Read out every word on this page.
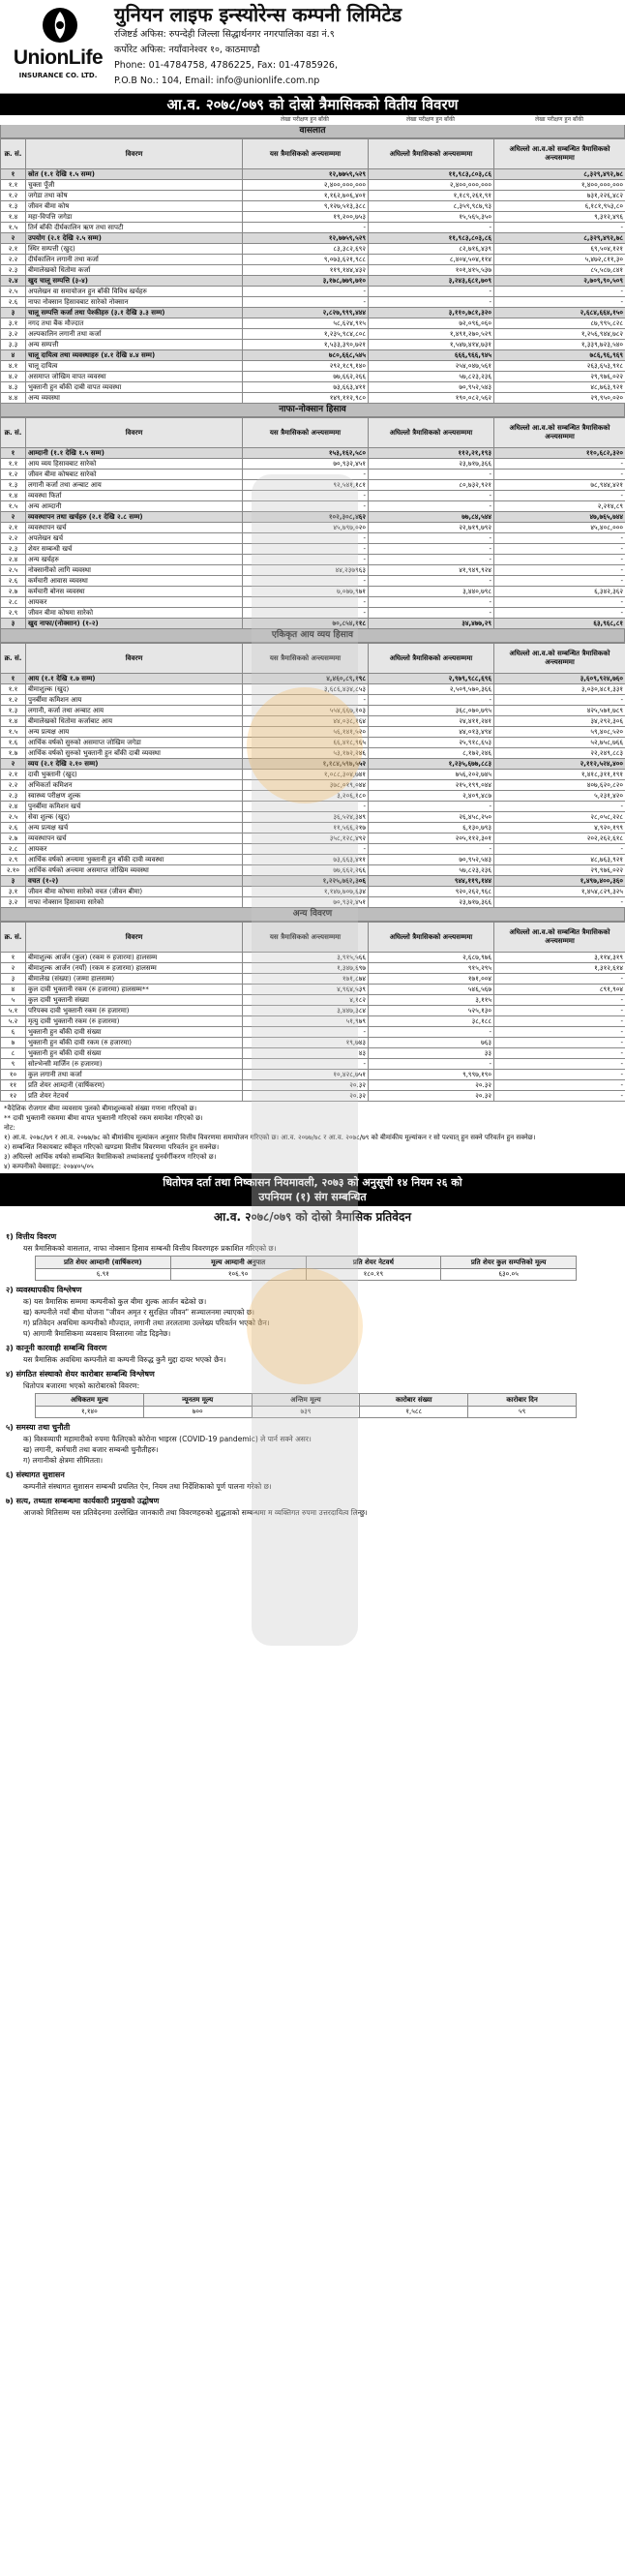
UnionLife
INSURANCE CO. LTD.
युनियन लाइफ इन्स्योरेन्स कम्पनी लिमिटेड
रजिष्टर्ड अफिस: रुपन्देही जिल्ला सिद्धार्थनगर नगरपालिका वडा नं.९
कर्पोरेट अफिस: नयाँवानेश्वर १०, काठमाण्डौ
Phone: 01-4784758, 4786225, Fax: 01-4785926,
P.O.B No.: 104, Email: info@unionlife.com.np
आ.व. २०७८/०७९ को दोस्रो त्रैमासिकको वितीय विवरण
लेखा परीक्षण हुन बाँकी	लेखा परीक्षण हुन बाँकी	लेखा परीक्षण हुन बाँकी
वासलात
क्र. सं.	विवरण	यस त्रैमासिकको अन्त्यसम्ममा	अघिल्लो त्रैमासिकको अन्त्यसम्ममा	अघिल्लो आ.व.को सम्बन्धित त्रैमासिकको अन्त्यसम्ममा
१	स्रोत (१.१ देखि १.५ सम्म)	१२,७७५९,५२९	११,९८३,८०३,८६	८,३२९,४९२,७८
१.१	चुक्ता पूँजी	२,४००,०००,०००	२,४००,०००,०००	१,४००,०००,०००
१.२	जगेडा तथा कोष	१,१६२,७०६,४०१	१,१८९,२६१,९१	७३१,२२६,४८२
१.३	जीवन बीमा कोष	९,१२७,५१३,३८८	८,३५९,९८७,९३	६,१८१,९५३,८०
१.४	महा-विपत्ति जगेडा	१९,२००,७५३	१५,५६५,३५०	९,३१२,४९६
१.५	तिर्न बाँकी दीर्घकालिन ऋण तथा सापटी	-	-	-
२	उपयोग (२.१ देखि २.५ सम्म)	१२,७७५९,५२९	११,९८३,८०३,८६	८,३२९,४९२,७८
२.१	स्थिर सम्पत्ती (खुद)	८३,३८२,६९२	८२,७१६,४३९	६९,५०४,१२१
२.२	दीर्घकालिन लगानी तथा कर्जा	९,०७३,६२१,९८८	८,४०४,५०४,११४	५,४७२,८११,३०
२.३	बीमालेखको धितोमा कर्जा	११९,१४४,४३२	१०१,४१५,५३७	८५,५८७,८४१
२.४	खुद चालू सम्पत्ति (३-४)	३,१७८,७७९,७१०	३,२४३,६८१,७०९	२,७०९,९०,५०९
२.५	अपलेखन वा समायोजन हुन बाँकी विविध खर्चहरु	-	-	-
२.६	नाफा नोक्सान हिसावबाट सारेको नोक्सान	-	-	-
३	चालू सम्पत्ति कर्जा तथा पेश्कीहरु (३.१ देखि ३.३ सम्म)	२,८२७,९९९,४४४	३,११०,७८१,३२०	२,६८४,६६४,१५०
३.१	नगद तथा बैंक मौज्दात	५८,६२४,९१५	७२,०९६,०६०	८७,९९५,८२८
३.२	अल्पकालिन लगानी तथा कर्जा	१,२३५,९८४,८०८	१,४९१,२७०,५२९	१,२५६,९४४,७८२
३.३	अन्य सम्पत्ती	१,५३३,३९०,७२१	१,५४७,४१४,७३१	१,३३९,७२३,५४०
४	चालू दायित्व तथा व्यवस्थाहरु (४.१ देखि ४.४ सम्म)	७८०,६६८,५४५	६६६,९६६,९४५	७८६,९६,९६९
४.१	चालू दायित्व	२९२,१८९,१४०	२५४,०४७,५६१	२६३,६५३,९१८
४.२	असमाप्त जोखिम वापत व्यवस्था	७७,६६२,२६६	५७,८२३,२३६	२९,९७६,०२२
४.३	भुक्तानी हुन बाँकी दाबी वापत व्यवस्था	७३,६६३,४११	७०,९५२,५४३	४८,७६३,९२१
४.४	अन्य व्यवस्था	१४९,११२,९८०	१९०,०८२,५६२	२९,९५०,०२०
नाफा-नोक्सान हिसाव
क्र. सं.	विवरण	यस त्रैमासिकको अन्त्यसम्ममा	अघिल्लो त्रैमासिकको अन्त्यसम्ममा	अघिल्लो आ.व.को सम्बन्धित त्रैमासिकको अन्त्यसम्ममा
१	आम्दानी (१.१ देखि १.५ सम्म)	१५३,१६२,५८०	११२,२१,१९३	११०,६८२,३२०
१.१	आय व्यय हिसावबाट सारेको	७०,९३२,४५१	२३,७१७,३६६	-
१.२	जीवन बीमा कोषबाट सारेको	-	-	-
१.३	लगानी कर्जा तथा अन्बाट आय	९२,५४१,१८१	८०,७३२,९२१	७८,९४४,४२१
१.४	व्यवस्था फिर्ता	-	-	-
१.५	अन्य आम्दानी	-	-	२,२१४,८९
२	व्यवस्थापन तथा खर्चहरु (२.१ देखि २.८ सम्म)	१०२,३०८,४६२	७७,८४,५४४	४७,७६५,७४४
२.१	व्यवस्थापन खर्च	४५,७९७,०२०	२२,७१९,७९२	४५,४०८,०००
२.२	अपलेखन खर्च	-	-	-
२.३	शेयर सम्बन्धी खर्च	-	-	-
२.४	अन्य खर्चहरु	-	-	-
२.५	नोक्सानीको लागि व्यवस्था	४४,२३७९६३	४१,९४९,९२४	-
२.६	कर्मचारी आवास व्यवस्था	-	-	-
२.७	कर्मचारी बोनस व्यवस्था	७,०७७,९७१	३,४४०,७९८	६,३४२,३६२
२.८	आयकर	-	-	-
२.९	जीवन बीमा कोषमा सारेको	-	-	-
३	खुद नाफा/(नोक्सान) (१-२)	७०,८५४,११८	३४,४७७,२९	६३,९६८,८१
एकिकृत आय व्यय हिसाव
क्र. सं.	विवरण	यस त्रैमासिकको अन्त्यसम्ममा	अघिल्लो त्रैमासिकको अन्त्यसम्ममा	अघिल्लो आ.व.को सम्बन्धित त्रैमासिकको अन्त्यसम्ममा
१	आय (१.१ देखि १.७ सम्म)	४,४६०,८९,१९८	२,९७९,९८८,६९६	३,६०९,९२४,७६०
१.१	बीमाशुल्क (खुद)	३,६८६,४३४,८५३	२,५०९,५७०,३६६	३,०३०,४८१,३३१
१.२	पुनर्बीमा कमिशन आय	-	-	-
१.३	लगानी, कर्जा तथा अन्बाट आय	५५४,६६७,१०३	३६८,०७०,७९५	४२५,५७१,७८९
१.४	बीमालेखको धितोमा कर्जाबाट आय	४४,०३८,१६४	२४,४११,२४१	३४,२९२,३०६
१.५	अन्य प्रत्यक्ष आय	५६,१४१,५२०	४४,०१३,४९४	५९,४०८,५२०
१.६	आर्थिक वर्षको सुरुको असमाप्त जोखिम जगेडा	६६,४१८,९६५	२५,९१८,६५३	५२,७५८,७६६
१.७	आर्थिक वर्षको सुरुको भुक्तानी हुन बाँकी दाबी व्यवस्था	५३,१७२,२४६	८,१७२,२४६	२२,२४९,८८३
२	व्यय (२.१ देखि २.१० सम्म)	१,१८४,५९७,५५२	१,२३५,६७७,८८३	२,११२,५२४,४००
२.१	दावी भुक्तानी (खुद)	१,०८८,३०४,७४१	७५६,२०२,७४५	१,४१८,३११,१९१
२.२	अभिकर्ता कमिशन	३७८,०१९,०४४	२१५,१९९,०४४	४०७,६२०,८२०
२.३	स्वास्थ्य परीक्षण शुल्क	३,२०६,१८०	२,४०९,४८७	५,२३१,४२०
२.४	पुनर्बीमा कमिशन खर्च	-	-	-
२.५	सेवा शुल्क (खुद)	३६,५२४,३४९	२६,४५८,२५०	२८,०५८,२२८
२.६	अन्य प्रत्यक्ष खर्च	११,५६६,२१७	६,१३०,७९३	४,९२०,१९९
२.७	व्यवस्थापन खर्च	३५८,१२८,४९२	२०५,११२,३०१	२०२,२६२,६१८
२.८	आयकर	-	-	-
२.९	आर्थिक वर्षको अन्त्यमा भुक्तानी हुन बाँकी दावी व्यवस्था	७३,६६३,४११	७०,९५२,५४३	४८,७६३,९२१
२.१०	आर्थिक वर्षको अन्त्यमा असमाप्त जोखिम व्यवस्था	७७,६६२,२६६	५७,८२३,२३६	२९,९७६,०२२
३	वचत (१-२)	१,२२५,७६२,३०६	९४४,११९,१४४	१,४९७,४००,३६०
३.१	जीवन बीमा कोषमा सारेको वचत (जीवन बीमा)	१,१४७,७०७,६३४	९२०,२६२,९६८	१,४५४,८२९,३२५
३.२	नाफा नोक्सान हिसावमा सारेको	७०,९३२,४५१	२३,७१७,३६६	-
अन्य विवरण
क्र. सं.	विवरण	यस त्रैमासिकको अन्त्यसम्ममा	अघिल्लो त्रैमासिकको अन्त्यसम्ममा	अघिल्लो आ.व.को सम्बन्धित त्रैमासिकको अन्त्यसम्ममा
१	बीमाशुल्क आर्जन (कुल) (रकम रु हजारमा) हालसम्म	३,९१५,५६६	२,६८७,९७६	३,११४,३१९
२	बीमाशुल्क आर्जन (नयाँ) (रकम रु हजारमा) हालसम्म	१,३४७,६९७	९१५,२९५	१,३१२,६१४
३	बीमालेख (संख्या) (जम्मा हालसम्म)	१७१,८७४	१७१,००४	-
४	कुल दावी भुक्तानी रकम (रु हजारमा) हालसम्म**	४,९६४,५३९	५४६,५६७	८९१,९०४
५	कुल दावी भुक्तानी संख्या	४,१८२	३,११५	-
५.१	परिपक्व दावी भुक्तानी रकम (रु हजारमा)	३,४४७,३८४	५२५,१३०	-
५.२	मृत्यु दावी भुक्तानी रकम (रु हजारमा)	५१,९७९	३८,१८८	-
६	भुक्तानी हुन बाँकी दावी संख्या	-	-	-
७	भुक्तानी हुन बाँकी दावी रकम (रु हजारमा)	१९,७४३	७६३	-
८	भुक्तानी हुन बाँकी दावी संख्या	४३	३३	-
९	सोल्भेन्सी मार्जिन (रु हजारमा)	-	-	-
१०	कुल लगानी तथा कर्जा	१०,४२८,७५१	९,९९७,१९०	-
११	प्रति शेयर आम्दानी (वार्षिकरण)	२०.३२	२०.३२	-
१२	प्रति शेयर नेटवर्थ	२०.३२	२०.३२	-
*वैदेशिक रोजगार बीमा व्यवसाय पुलको बीमाशुल्कको संख्या गणना गरिएको छ।
** दावी भुक्तानी रकममा बीमा वापत भुक्तानी गरिएको रकम समावेश गरिएको छ।
नोट:
१) आ.व. २०७८/७९ र आ.व. २०७७/७८ को बीमांकीय मूल्यांकन अनुसार वित्तीय विवरणमा समायोजन गरिएको छ। आ.व. २०७७/७८ र आ.व. २०७८/७९ को बीमांकीय मूल्यांकन र सो पश्चात्‌ हुन सक्ने परिवर्तन हुन सक्नेछ।
२) सम्बन्धित निकायबाट स्वीकृत गरिएको खण्डमा वित्तीय विवरणमा परिवर्तन हुन सक्नेछ।
३) अघिल्लो आर्थिक वर्षको सम्बन्धित त्रैमासिकको तथ्यांकलाई पुनर्वर्गीकरण गरिएको छ।
४) कम्पनीको वेबसाइट: २०७४०५/०५
धितोपत्र दर्ता तथा निष्कासन नियमावली, २०७३ को अनुसूची १४ नियम २६ को
उपनियम (१) संग सम्बन्धित
आ.व. २०७८/०७९ को दोस्रो त्रैमासिक प्रतिवेदन
१) वित्तीय विवरण

यस त्रैमासिकको वासलात, नाफा नोक्सान हिसाव सम्बन्धी वित्तीय विवरणहरु प्रकाशित गरिएको छ।

प्रति शेयर आम्दानी (वार्षिकरण)	मूल्य आम्दानी अनुपात	प्रति शेयर नेटवर्थ	प्रति शेयर कुल सम्पत्तिको मूल्य
६.९१	१०६.९०	१८०.१९	६३०.०५
२) व्यवस्थापकीय विश्लेषण

क) यस त्रैमासिक सम्ममा कम्पनीको कुल बीमा शुल्क आर्जन बढेको छ।

ख) कम्पनीले नयाँ बीमा योजना "जीवन अमृत र सुरक्षित जीवन" सञ्चालनमा ल्याएको छ।

ग) प्रतिवेदन अवधिमा कम्पनीको मौज्दात, लगानी तथा तरलतामा उल्लेख्य परिवर्तन भएको छैन।

घ) आगामी त्रैमासिकमा व्यवसाय विस्तारमा जोड दिइनेछ।

३) कानूनी कारवाही सम्बन्धि विवरण

यस त्रैमासिक अवधिमा कम्पनीले वा कम्पनी विरुद्ध कुनै मुद्दा दायर भएको छैन।

४) संगठित संस्थाको शेयर कारोबार सम्बन्धि विश्लेषण

धितोपत्र बजारमा भएको कारोबारको विवरण:

अधिकतम मूल्य	न्यूनतम मूल्य	अन्तिम मूल्य	कारोबार संख्या	कारोबार दिन
१,१४०	७००	७३९	१,५८८	५९
५) समस्या तथा चुनौती

क) विश्वव्यापी महामारीको रुपमा फैलिएको कोरोना भाइरस (COVID-19 pandemic) ले पार्न सक्ने असर।

ख) लगानी, कर्मचारी तथा बजार सम्बन्धी चुनौतीहरु।

ग) लगानीको क्षेत्रमा सीमितता।

६) संस्थागत सुशासन

कम्पनीले संस्थागत सुशासन सम्बन्धी प्रचलित ऐन, नियम तथा निर्देशिकाको पूर्ण पालना गरेको छ।

७) सत्य, तथ्यता सम्बन्धमा कार्यकारी प्रमुखको उद्घोषण

आजको मितिसम्म यस प्रतिवेदनमा उल्लेखित जानकारी तथा विवरणहरुको शुद्धताको सम्बन्धमा म व्यक्तिगत रुपमा उत्तरदायित्व लिन्छु।
